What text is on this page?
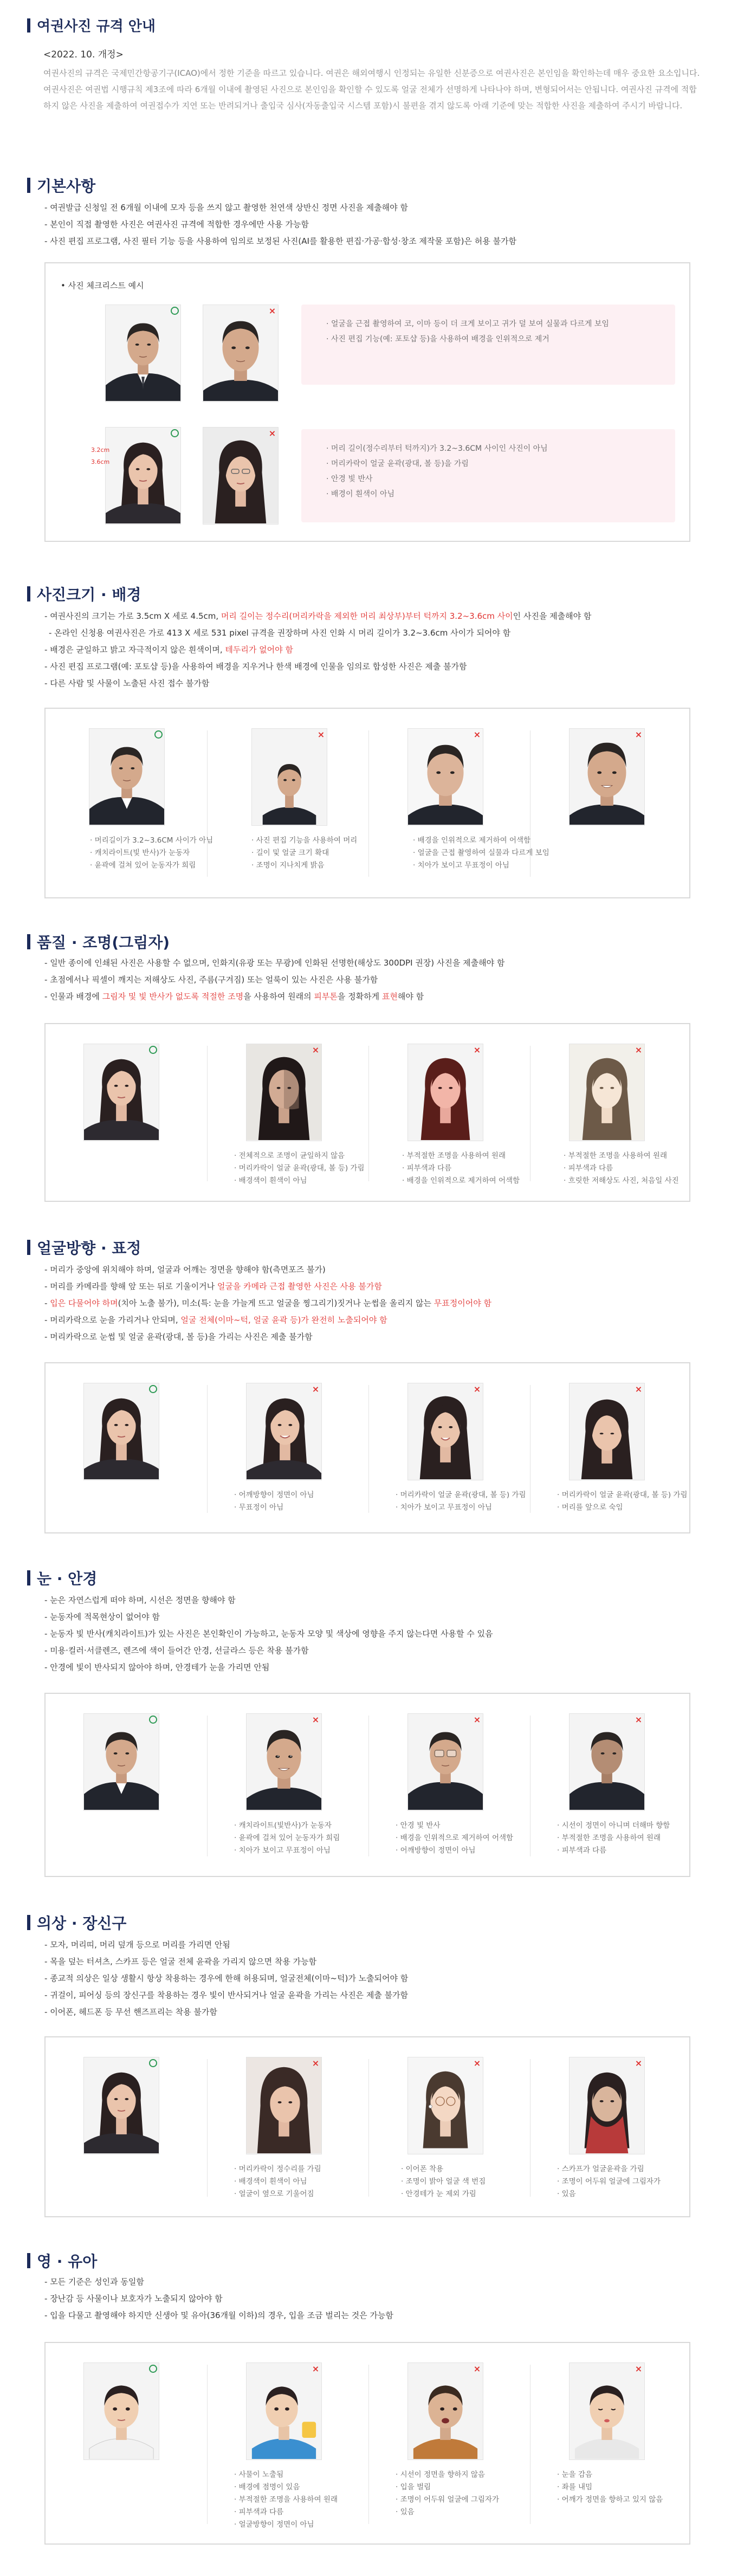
여권사진 규격 안내
<2022. 10. 개정>

여권사진의 규격은 국제민간항공기구(ICAO)에서 정한 기준을 따르고 있습니다. 여권은 해외여행시 인정되는 유일한 신분증으로 여권사진은 본인임을 확인하는데 매우 중요한 요소입니다. 여권사진은 여권법 시행규칙 제3조에 따라 6개월 이내에 촬영된 사진으로 본인임을 확인할 수 있도록 얼굴 전체가 선명하게 나타나야 하며, 변형되어서는 안됩니다. 여권사진 규격에 적합하지 않은 사진을 제출하여 여권접수가 지연 또는 반려되거나 출입국 심사(자동출입국 시스템 포함)시 불편을 겪지 않도록 아래 기준에 맞는 적합한 사진을 제출하여 주시기 바랍니다.

기본사항
- 여권발급 신청일 전 6개월 이내에 모자 등을 쓰지 않고 촬영한 천연색 상반신 정면 사진을 제출해야 함
- 본인이 직접 촬영한 사진은 여권사진 규격에 적합한 경우에만 사용 가능함
- 사진 편집 프로그램, 사진 필터 기능 등을 사용하여 임의로 보정된 사진(AI를 활용한 편집·가공·합성·창조 제작물 포함)은 허용 불가함
• 사진 체크리스트 예시
×
· 얼굴을 근접 촬영하여 코, 이마 등이 더 크게 보이고 귀가 덜 보여 실물과 다르게 보임
· 사진 편집 기능(예: 포토샵 등)을 사용하여 배경을 인위적으로 제거
3.2cm
3.6cm
×
· 머리 길이(정수리부터 턱까지)가 3.2~3.6CM 사이인 사진이 아님
· 머리카락이 얼굴 윤곽(광대, 볼 등)을 가림
· 안경 빛 반사
· 배경이 흰색이 아님
사진크기 · 배경
- 여권사진의 크기는 가로 3.5cm X 세로 4.5cm, 머리 길이는 정수리(머리카락을 제외한 머리 최상부)부터 턱까지 3.2~3.6cm 사이인 사진을 제출해야 함
- 온라인 신청용 여권사진은 가로 413 X 세로 531 pixel 규격을 권장하며 사진 인화 시 머리 길이가 3.2~3.6cm 사이가 되어야 함
- 배경은 균일하고 밝고 자극적이지 않은 흰색이며, 테두리가 없어야 함
- 사진 편집 프로그램(예: 포토샵 등)을 사용하여 배경을 지우거나 한색 배경에 인물을 임의로 합성한 사진은 제출 불가함
- 다른 사람 및 사물이 노출된 사진 접수 불가함
×
· 머리길이가 3.2~3.6CM 사이가 아님
· 캐치라이트(빛 반사)가 눈동자
· 윤곽에 걸쳐 있어 눈동자가 희림
×
· 사진 편집 기능을 사용하여 머리
· 길이 및 얼굴 크기 확대
· 조명이 지나치게 밝음
×
· 배경을 인위적으로 제거하여 어색함
· 얼굴을 근접 촬영하여 실물과 다르게 보임
· 치아가 보이고 무표정이 아님
품질 · 조명(그림자)
- 일반 종이에 인쇄된 사진은 사용할 수 없으며, 인화지(유광 또는 무광)에 인화된 선명한(해상도 300DPI 권장) 사진을 제출해야 함
- 초점에서나 픽셀이 깨지는 저해상도 사진, 주름(구겨짐) 또는 얼룩이 있는 사진은 사용 불가함
- 인물과 배경에 그림자 및 빛 반사가 없도록 적절한 조명을 사용하여 원래의 피부톤을 정확하게 표현해야 함
×
· 전체적으로 조명이 균일하지 않음
· 머리카락이 얼굴 윤곽(광대, 볼 등) 가림
· 배경색이 흰색이 아님
×
· 부적절한 조명을 사용하여 원래
· 피부색과 다름
· 배경을 인위적으로 제거하여 어색함
×
· 부적절한 조명을 사용하여 원래
· 피부색과 다름
· 흐릿한 저해상도 사진, 처음일 사진
얼굴방향 · 표정
- 머리가 중앙에 위치해야 하며, 얼굴과 어깨는 정면을 향해야 함(측면포즈 불가)
- 머리를 카메라를 향해 앞 또는 뒤로 기울이거나 얼굴을 카메라 근접 촬영한 사진은 사용 불가함
- 입은 다물어야 하며(치아 노출 불가), 미소(특: 눈을 가늘게 뜨고 얼굴을 찡그리기)짓거나 눈썹을 올리지 않는 무표정이어야 함
- 머리카락으로 눈을 가리거나 안되며, 얼굴 전체(이마~턱, 얼굴 윤곽 등)가 완전히 노출되어야 함
- 머리카락으로 눈썹 및 얼굴 윤곽(광대, 볼 등)을 가리는 사진은 제출 불가함
×
· 어깨방향이 정면이 아님
· 무표정이 아님
×
· 머리카락이 얼굴 윤곽(광대, 볼 등) 가림
· 치아가 보이고 무표정이 아님
×
· 머리카락이 얼굴 윤곽(광대, 볼 등) 가림
· 머리를 앞으로 숙임
눈 · 안경
- 눈은 자연스럽게 떠야 하며, 시선은 정면을 향해야 함
- 눈동자에 적목현상이 없어야 함
- 눈동자 빛 반사(캐치라이트)가 있는 사진은 본인확인이 가능하고, 눈동자 모양 및 색상에 영향을 주지 않는다면 사용할 수 있음
- 미용·컬러·서클렌즈, 렌즈에 색이 들어간 안경, 선글라스 등은 착용 불가함
- 안경에 빛이 반사되지 않아야 하며, 안경테가 눈을 가리면 안됨
×
· 캐치라이트(빛반사)가 눈동자
· 윤곽에 걸쳐 있어 눈동자가 희림
· 치아가 보이고 무표정이 아님
×
· 안경 빛 반사
· 배경을 인위적으로 제거하여 어색함
· 어깨방향이 정면이 아님
×
· 시선이 정면이 아니며 더해마 향함
· 부적절한 조명을 사용하여 원래
· 피부색과 다름
의상 · 장신구
- 모자, 머리띠, 머리 덮개 등으로 머리를 가리면 안됨
- 목을 덮는 터셔츠, 스카프 등은 얼굴 전체 윤곽을 가리지 않으면 착용 가능함
- 종교적 의상은 일상 생활시 항상 착용하는 경우에 한해 허용되며, 얼굴전체(이마~턱)가 노출되어야 함
- 귀걸이, 피어싱 등의 장신구를 착용하는 경우 빛이 반사되거나 얼굴 윤곽을 가리는 사진은 제출 불가함
- 이어폰, 헤드폰 등 무선 핸즈프리는 착용 불가함
×
· 머리카락이 정수리를 가림
· 배경색이 흰색이 아님
· 얼굴이 옆으로 기울어짐
×
· 이어폰 착용
· 조명이 밝아 얼굴 색 번짐
· 안경테가 눈 제외 가림
×
· 스카프가 얼굴윤곽을 가림
· 조명이 어두워 얼굴에 그림자가
· 있음
영 · 유아
- 모든 기준은 성인과 동일함
- 장난감 등 사물이나 보호자가 노출되지 않아야 함
- 입을 다물고 촬영해야 하지만 신생아 및 유아(36개월 이하)의 경우, 입을 조금 벌리는 것은 가능함
×
· 사물이 노출됨
· 배경에 점명이 있음
· 부적절한 조명을 사용하여 원래
· 피부색과 다름
· 얼굴방향이 정면이 아님
×
· 시선이 정면을 향하지 않음
· 입을 벌림
· 조명이 어두워 얼굴에 그림자가
· 있음
×
· 눈을 감음
· 좌를 내밈
· 어깨가 정면을 향하고 있지 않음
